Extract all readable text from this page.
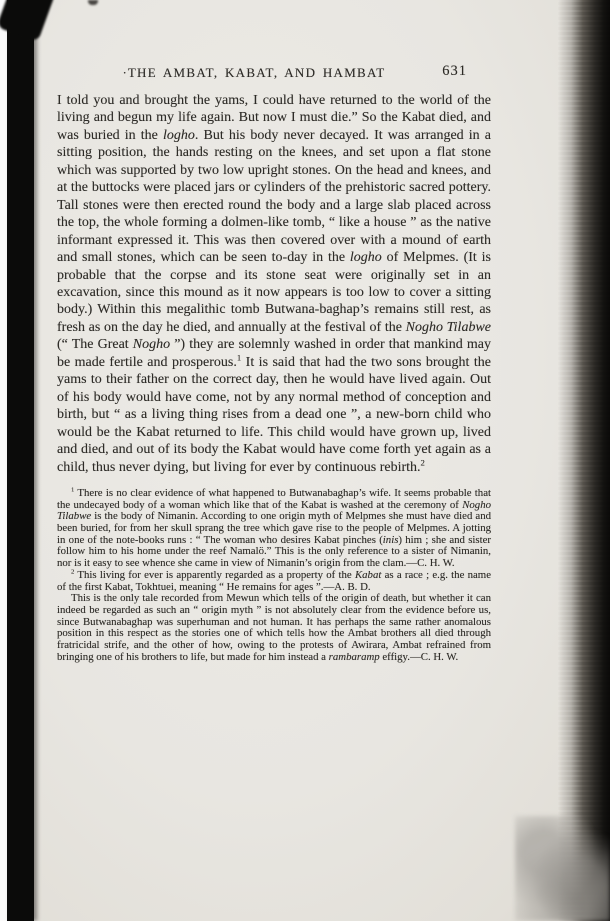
·THE AMBAT, KABAT, AND HAMBAT	631

I told you and brought the yams, I could have returned to the world of the living and begun my life again. But now I must die.” So the Kabat died, and was buried in the logho. But his body never decayed. It was arranged in a sitting position, the hands resting on the knees, and set upon a flat stone which was supported by two low upright stones. On the head and knees, and at the buttocks were placed jars or cylinders of the prehistoric sacred pottery. Tall stones were then erected round the body and a large slab placed across the top, the whole forming a dolmen-like tomb, “ like a house ” as the native informant expressed it. This was then covered over with a mound of earth and small stones, which can be seen to-day in the logho of Melpmes. (It is probable that the corpse and its stone seat were originally set in an excavation, since this mound as it now appears is too low to cover a sitting body.) Within this megalithic tomb Butwana-baghap’s remains still rest, as fresh as on the day he died, and annually at the festival of the Nogho Tilabwe (“ The Great Nogho ”) they are solemnly washed in order that mankind may be made fertile and prosperous.$^1$ It is said that had the two sons brought the yams to their father on the correct day, then he would have lived again. Out of his body would have come, not by any normal method of conception and birth, but “ as a living thing rises from a dead one ”, a new-born child who would be the Kabat returned to life. This child would have grown up, lived and died, and out of its body the Kabat would have come forth yet again as a child, thus never dying, but living for ever by continuous rebirth.$^2$

$^1$ There is no clear evidence of what happened to Butwanabaghap’s wife. It seems probable that the undecayed body of a woman which like that of the Kabat is washed at the ceremony of Nogho Tilabwe is the body of Nimanin. According to one origin myth of Melpmes she must have died and been buried, for from her skull sprang the tree which gave rise to the people of Melpmes. A jotting in one of the note-books runs : “ The woman who desires Kabat pinches (inis) him ; she and sister follow him to his home under the reef Namalö.” This is the only reference to a sister of Nimanin, nor is it easy to see whence she came in view of Nimanin’s origin from the clam.—C. H. W.

$^2$ This living for ever is apparently regarded as a property of the Kabat as a race ; e.g. the name of the first Kabat, Tokhtuei, meaning “ He remains for ages ”.—A. B. D.

This is the only tale recorded from Mewun which tells of the origin of death, but whether it can indeed be regarded as such an “ origin myth ” is not absolutely clear from the evidence before us, since Butwanabaghap was superhuman and not human. It has perhaps the same rather anomalous position in this respect as the stories one of which tells how the Ambat brothers all died through fratricidal strife, and the other of how, owing to the protests of Awirara, Ambat refrained from bringing one of his brothers to life, but made for him instead a rambaramp effigy.—C. H. W.
